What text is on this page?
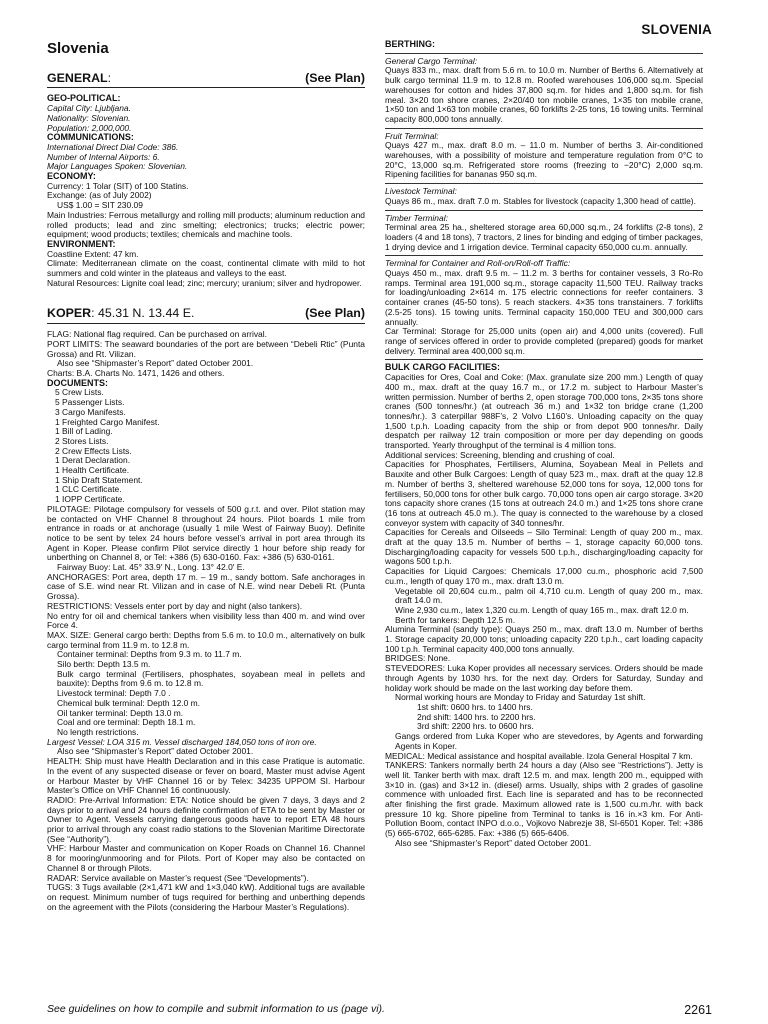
SLOVENIA
Slovenia
GENERAL:	(See Plan)
GEO-POLITICAL:
Capital City: Ljubljana.
Nationality: Slovenian.
Population: 2,000,000.
COMMUNICATIONS:
International Direct Dial Code: 386.
Number of Internal Airports: 6.
Major Languages Spoken: Slovenian.
ECONOMY:
Currency: 1 Tolar (SIT) of 100 Statins.
Exchange: (as of July 2002)
US$ 1.00 = SIT 230.09
Main Industries: Ferrous metallurgy and rolling mill products; aluminum reduction and rolled products; lead and zinc smelting; electronics; trucks; electric power; equipment; wood products; textiles; chemicals and machine tools.
ENVIRONMENT:
Coastline Extent: 47 km.
Climate: Mediterranean climate on the coast, continental climate with mild to hot summers and cold winter in the plateaus and valleys to the east.
Natural Resources: Lignite coal lead; zinc; mercury; uranium; silver and hydropower.
KOPER: 45.31 N. 13.44 E.	(See Plan)
FLAG: National flag required. Can be purchased on arrival.
PORT LIMITS: The seaward boundaries of the port are between “Debeli Rtic” (Punta Grossa) and Rt. Vilizan.
Also see “Shipmaster’s Report” dated October 2001.
Charts: B.A. Charts No. 1471, 1426 and others.
DOCUMENTS:
5 Crew Lists.
5 Passenger Lists.
3 Cargo Manifests.
1 Freighted Cargo Manifest.
1 Bill of Lading.
2 Stores Lists.
2 Crew Effects Lists.
1 Derat Declaration.
1 Health Certificate.
1 Ship Draft Statement.
1 CLC Certificate.
1 IOPP Certificate.
PILOTAGE: Pilotage compulsory for vessels of 500 g.r.t. and over. Pilot station may be contacted on VHF Channel 8 throughout 24 hours. Pilot boards 1 mile from entrance in roads or at anchorage (usually 1 mile West of Fairway Buoy). Definite notice to be sent by telex 24 hours before vessel’s arrival in port area through its Agent in Koper. Please confirm Pilot service directly 1 hour before ship ready for unberthing on Channel 8, or Tel: +386 (5) 630-0160. Fax: +386 (5) 630-0161.
Fairway Buoy: Lat. 45° 33.9′ N., Long. 13° 42.0′ E.
ANCHORAGES: Port area, depth 17 m. – 19 m., sandy bottom. Safe anchorages in case of S.E. wind near Rt. Vilizan and in case of N.E. wind near Debeli Rt. (Punta Grossa).
RESTRICTIONS: Vessels enter port by day and night (also tankers).
No entry for oil and chemical tankers when visibility less than 400 m. and wind over Force 4.
MAX. SIZE: General cargo berth: Depths from 5.6 m. to 10.0 m., alternatively on bulk cargo terminal from 11.9 m. to 12.8 m.
Container terminal: Depths from 9.3 m. to 11.7 m.
Silo berth: Depth 13.5 m.
Bulk cargo terminal (Fertilisers, phosphates, soyabean meal in pellets and bauxite): Depths from 9.6 m. to 12.8 m.
Livestock terminal: Depth 7.0 .
Chemical bulk terminal: Depth 12.0 m.
Oil tanker terminal: Depth 13.0 m.
Coal and ore terminal: Depth 18.1 m.
No length restrictions.
Largest Vessel: LOA 315 m. Vessel discharged 184,050 tons of iron ore.
Also see “Shipmaster’s Report” dated October 2001.
HEALTH: Ship must have Health Declaration and in this case Pratique is automatic. In the event of any suspected disease or fever on board, Master must advise Agent or Harbour Master by VHF Channel 16 or by Telex: 34235 UPPOM SI. Harbour Master’s Office on VHF Channel 16 continuously.
RADIO: Pre-Arrival Information: ETA: Notice should be given 7 days, 3 days and 2 days prior to arrival and 24 hours definite confirmation of ETA to be sent by Master or Owner to Agent. Vessels carrying dangerous goods have to report ETA 48 hours prior to arrival through any coast radio stations to the Slovenian Maritime Directorate (See “Authority”).
VHF: Harbour Master and communication on Koper Roads on Channel 16. Channel 8 for mooring/unmooring and for Pilots. Port of Koper may also be contacted on Channel 8 or through Pilots.
RADAR: Service available on Master’s request (See “Developments”).
TUGS: 3 Tugs available (2×1,471 kW and 1×3,040 kW). Additional tugs are available on request. Minimum number of tugs required for berthing and unberthing depends on the agreement with the Pilots (considering the Harbour Master’s Regulations).
BERTHING:
General Cargo Terminal:
Quays 833 m., max. draft from 5.6 m. to 10.0 m. Number of Berths 6. Alternatively at bulk cargo terminal 11.9 m. to 12.8 m. Roofed warehouses 106,000 sq.m. Special warehouses for cotton and hides 37,800 sq.m. for hides and 1,800 sq.m. for fish meal. 3×20 ton shore cranes, 2×20/40 ton mobile cranes, 1×35 ton mobile crane, 1×50 ton and 1×63 ton mobile cranes, 60 forklifts 2-25 tons, 16 towing units. Terminal capacity 800,000 tons annually.
Fruit Terminal:
Quays 427 m., max. draft 8.0 m. – 11.0 m. Number of berths 3. Air-conditioned warehouses, with a possibility of moisture and temperature regulation from 0°C to 20°C, 13,000 sq.m. Refrigerated store rooms (freezing to −20°C) 2,000 sq.m. Ripening facilities for bananas 950 sq.m.
Livestock Terminal:
Quays 86 m., max. draft 7.0 m. Stables for livestock (capacity 1,300 head of cattle).
Timber Terminal:
Terminal area 25 ha., sheltered storage area 60,000 sq.m., 24 forklifts (2-8 tons), 2 loaders (4 and 18 tons), 7 tractors, 2 lines for binding and edging of timber packages, 1 drying device and 1 irrigation device. Terminal capacity 650,000 cu.m. annually.
Terminal for Container and Roll-on/Roll-off Traffic:
Quays 450 m., max. draft 9.5 m. – 11.2 m. 3 berths for container vessels, 3 Ro-Ro ramps. Terminal area 191,000 sq.m., storage capacity 11,500 TEU. Railway tracks for loading/unloading 2×614 m. 175 electric connections for reefer containers. 3 container cranes (45-50 tons). 5 reach stackers. 4×35 tons transtainers. 7 forklifts (2.5-25 tons). 15 towing units. Terminal capacity 150,000 TEU and 300,000 cars annually.
Car Terminal: Storage for 25,000 units (open air) and 4,000 units (covered). Full range of services offered in order to provide completed (prepared) goods for market delivery. Terminal area 400,000 sq.m.
BULK CARGO FACILITIES:
Capacities for Ores, Coal and Coke: (Max. granulate size 200 mm.) Length of quay 400 m., max. draft at the quay 16.7 m., or 17.2 m. subject to Harbour Master’s written permission. Number of berths 2, open storage 700,000 tons, 2×35 tons shore cranes (500 tonnes/hr.) (at outreach 36 m.) and 1×32 ton bridge crane (1,200 tonnes/hr.). 3 caterpillar 988F’s, 2 Volvo L160’s. Unloading capacity on the quay 1,500 t.p.h. Loading capacity from the ship or from depot 900 tonnes/hr. Daily despatch per railway 12 train composition or more per day depending on goods transported. Yearly throughput of the terminal is 4 million tons.
Additional services: Screening, blending and crushing of coal.
Capacities for Phosphates, Fertilisers, Alumina, Soyabean Meal in Pellets and Bauxite and other Bulk Cargoes: Length of quay 523 m., max. draft at the quay 12.8 m. Number of berths 3, sheltered warehouse 52,000 tons for soya, 12,000 tons for fertilisers, 50,000 tons for other bulk cargo. 70,000 tons open air cargo storage. 3×20 tons capacity shore cranes (15 tons at outreach 24.0 m.) and 1×25 tons shore crane (16 tons at outreach 45.0 m.). The quay is connected to the warehouse by a closed conveyor system with capacity of 340 tonnes/hr.
Capacities for Cereals and Oilseeds – Silo Terminal: Length of quay 200 m., max. draft at the quay 13.5 m. Number of berths – 1, storage capacity 60,000 tons. Discharging/loading capacity for vessels 500 t.p.h., discharging/loading capacity for wagons 500 t.p.h.
Capacities for Liquid Cargoes: Chemicals 17,000 cu.m., phosphoric acid 7,500 cu.m., length of quay 170 m., max. draft 13.0 m.
Vegetable oil 20,604 cu.m., palm oil 4,710 cu.m. Length of quay 200 m., max. draft 14.0 m.
Wine 2,930 cu.m., latex 1,320 cu.m. Length of quay 165 m., max. draft 12.0 m.
Berth for tankers: Depth 12.5 m.
Alumina Terminal (sandy type): Quays 250 m., max. draft 13.0 m. Number of berths 1. Storage capacity 20,000 tons; unloading capacity 220 t.p.h., cart loading capacity 100 t.p.h. Terminal capacity 400,000 tons annually.
BRIDGES: None.
STEVEDORES: Luka Koper provides all necessary services. Orders should be made through Agents by 1030 hrs. for the next day. Orders for Saturday, Sunday and holiday work should be made on the last working day before them.
Normal working hours are Monday to Friday and Saturday 1st shift.
1st shift: 0600 hrs. to 1400 hrs.
2nd shift: 1400 hrs. to 2200 hrs.
3rd shift: 2200 hrs. to 0600 hrs.
Gangs ordered from Luka Koper who are stevedores, by Agents and forwarding Agents in Koper.
MEDICAL: Medical assistance and hospital available. Izola General Hospital 7 km.
TANKERS: Tankers normally berth 24 hours a day (Also see “Restrictions”). Jetty is well lit. Tanker berth with max. draft 12.5 m. and max. length 200 m., equipped with 3×10 in. (gas) and 3×12 in. (diesel) arms. Usually, ships with 2 grades of gasoline commence with unloaded first. Each line is separated and has to be reconnected after finishing the first grade. Maximum allowed rate is 1,500 cu.m./hr. with back pressure 10 kg. Shore pipeline from Terminal to tanks is 16 in.×3 km. For Anti-Pollution Boom, contact INPO d.o.o., Vojkovo Nabrezje 38, SI-6501 Koper. Tel: +386 (5) 665-6702, 665-6285. Fax: +386 (5) 665-6406.
Also see “Shipmaster’s Report” dated October 2001.
See guidelines on how to compile and submit information to us (page vi).	2261
